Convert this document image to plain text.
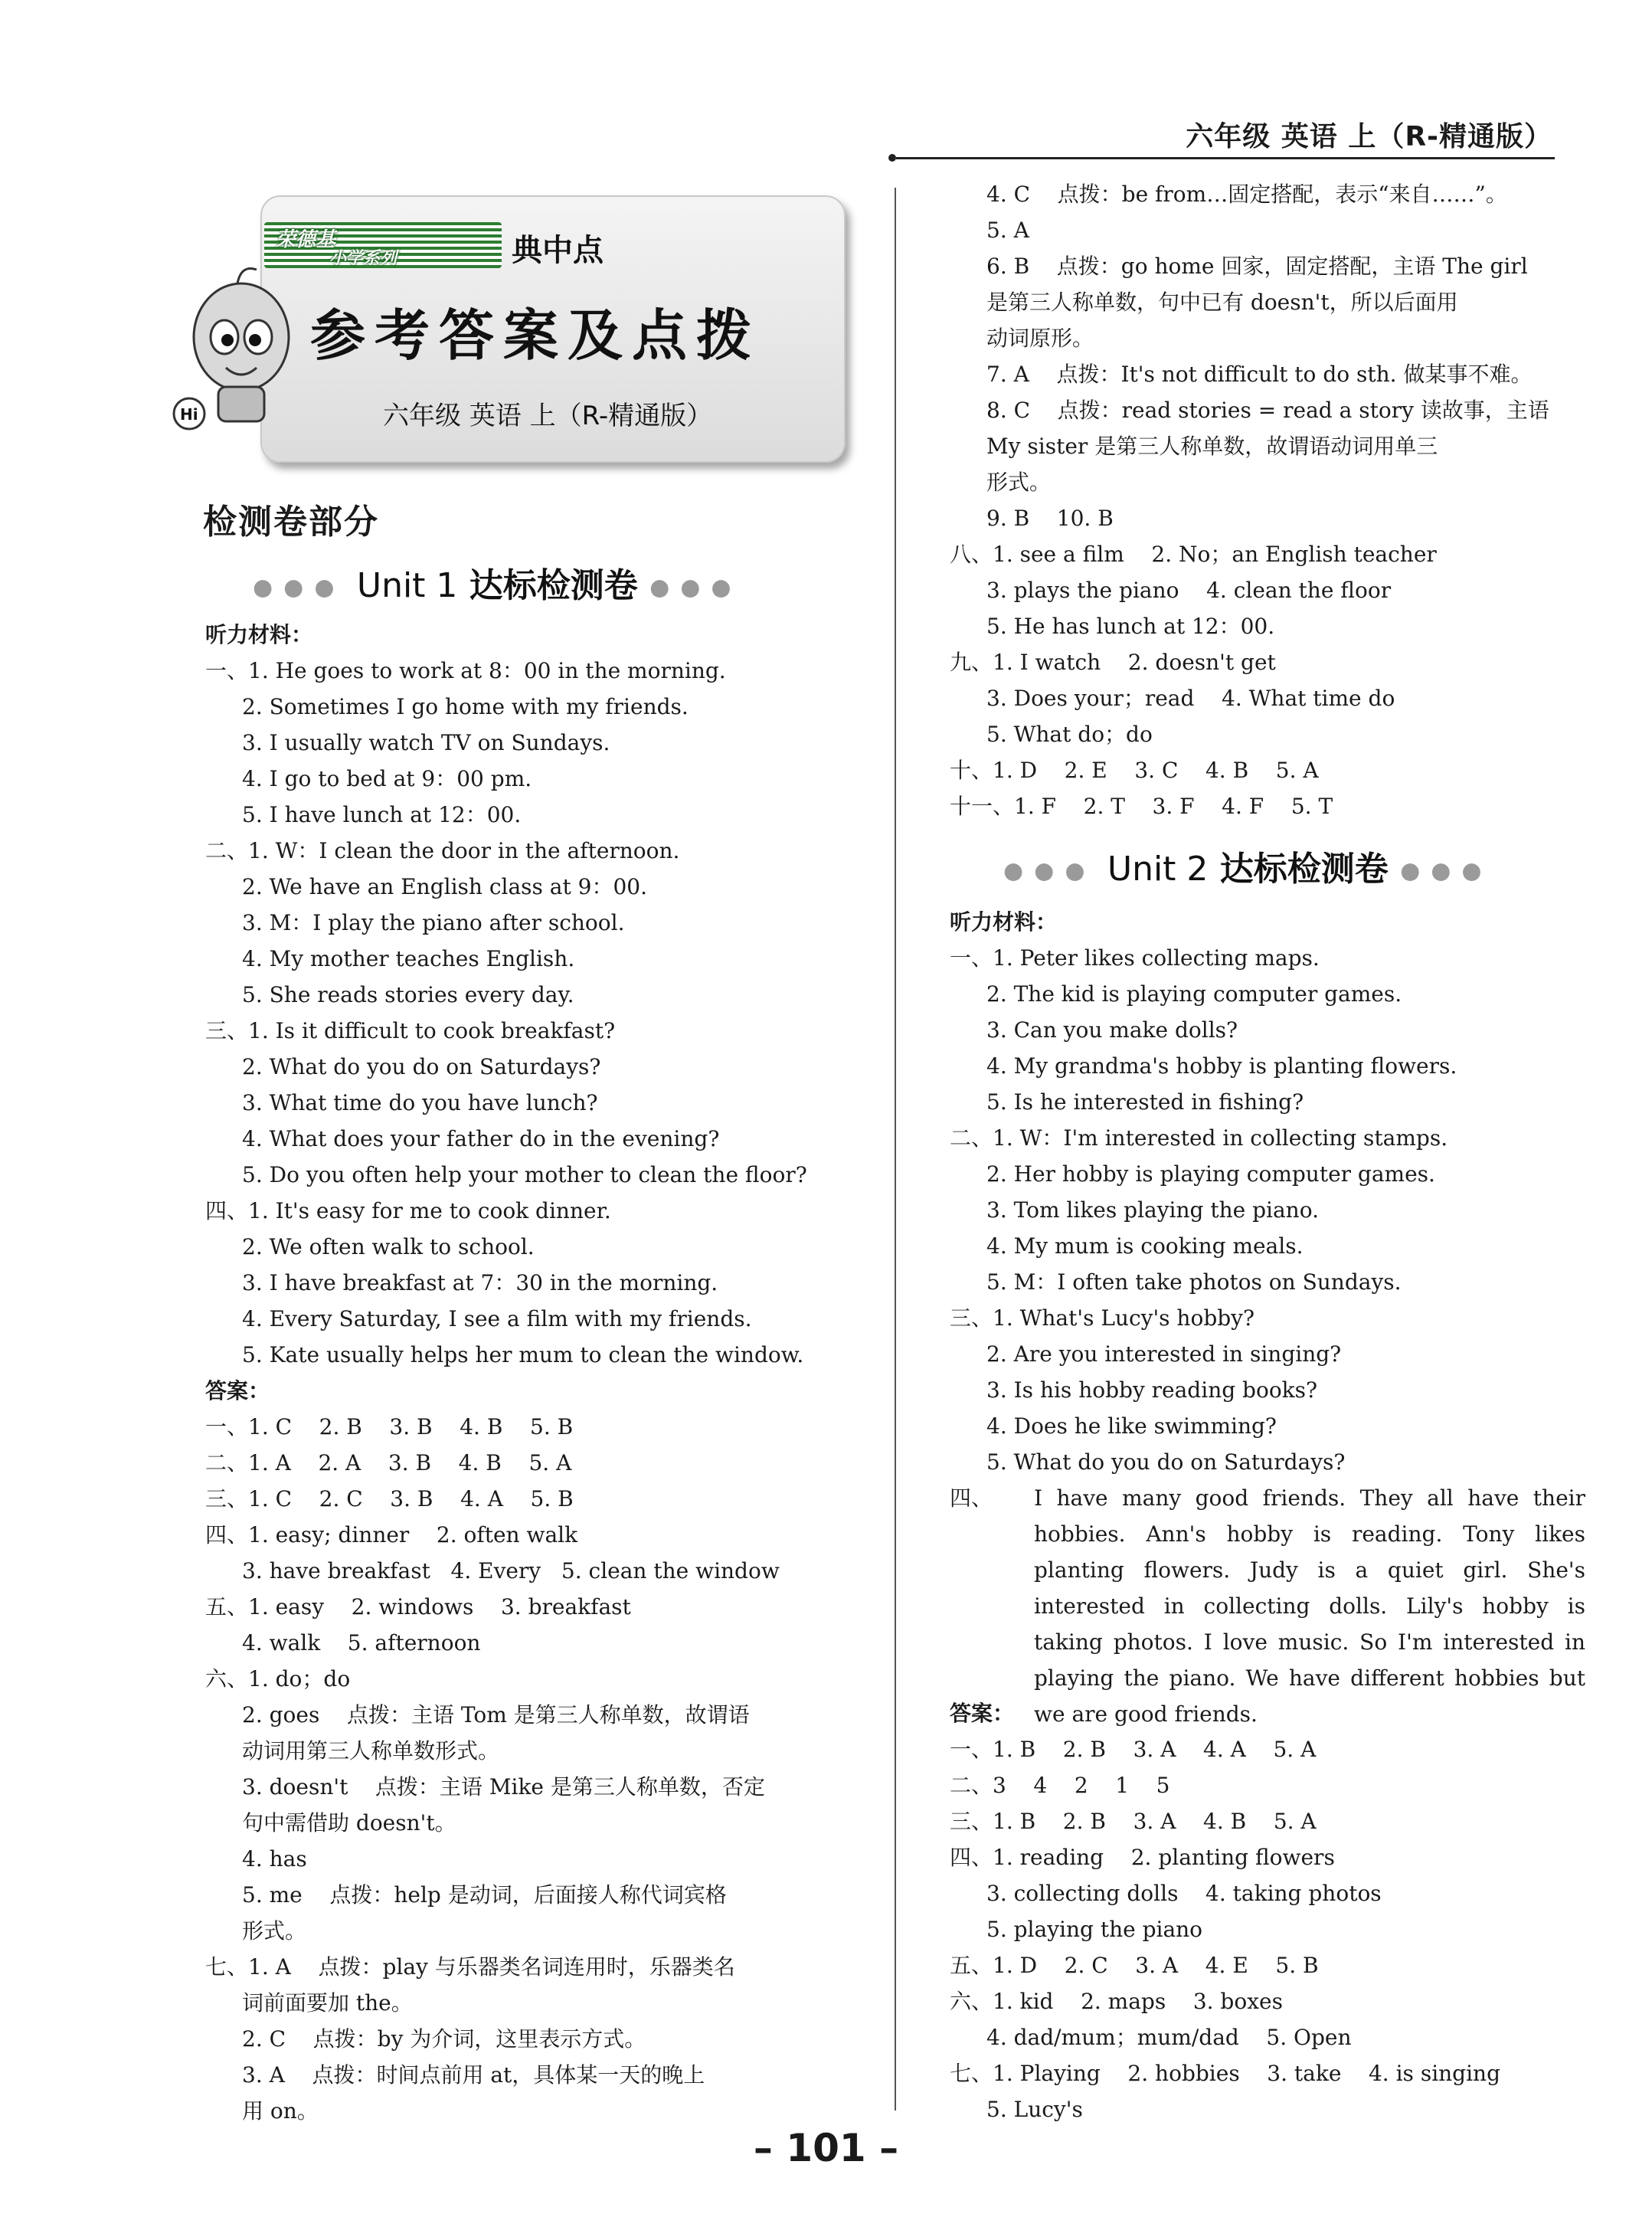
六年级 英语 上（R-精通版）
荣德基
小学系列	典中点
参考答案及点拨
六年级 英语 上（R-精通版）
Hi
检测卷部分
●●● Unit 1 达标检测卷 ●●●
听力材料：
一、1. He goes to work at 8：00 in the morning.
2. Sometimes I go home with my friends.
3. I usually watch TV on Sundays.
4. I go to bed at 9：00 pm.
5. I have lunch at 12：00.
二、1. W：I clean the door in the afternoon.
2. We have an English class at 9：00.
3. M：I play the piano after school.
4. My mother teaches English.
5. She reads stories every day.
三、1. Is it difficult to cook breakfast?
2. What do you do on Saturdays?
3. What time do you have lunch?
4. What does your father do in the evening?
5. Do you often help your mother to clean the floor?
四、1. It's easy for me to cook dinner.
2. We often walk to school.
3. I have breakfast at 7：30 in the morning.
4. Every Saturday, I see a film with my friends.
5. Kate usually helps her mum to clean the window.
答案：
一、1. C    2. B    3. B    4. B    5. B
二、1. A    2. A    3. B    4. B    5. A
三、1. C    2. C    3. B    4. A    5. B
四、1. easy; dinner    2. often walk
3. have breakfast   4. Every   5. clean the window
五、1. easy    2. windows    3. breakfast
4. walk    5. afternoon
六、1. do；do
2. goes    点拨：主语 Tom 是第三人称单数，故谓语
动词用第三人称单数形式。
3. doesn't    点拨：主语 Mike 是第三人称单数，否定
句中需借助 doesn't。
4. has
5. me    点拨：help 是动词，后面接人称代词宾格
形式。
七、1. A    点拨：play 与乐器类名词连用时，乐器类名
词前面要加 the。
2. C    点拨：by 为介词，这里表示方式。
3. A    点拨：时间点前用 at，具体某一天的晚上
用 on。
4. C    点拨：be from…固定搭配，表示“来自……”。
5. A
6. B    点拨：go home 回家，固定搭配，主语 The girl
是第三人称单数，句中已有 doesn't，所以后面用
动词原形。
7. A    点拨：It's not difficult to do sth. 做某事不难。
8. C    点拨：read stories = read a story 读故事，主语
My sister 是第三人称单数，故谓语动词用单三
形式。
9. B    10. B
八、1. see a film    2. No；an English teacher
3. plays the piano    4. clean the floor
5. He has lunch at 12：00.
九、1. I watch    2. doesn't get
3. Does your；read    4. What time do
5. What do；do
十、1. D    2. E    3. C    4. B    5. A
十一、1. F    2. T    3. F    4. F    5. T
●●● Unit 2 达标检测卷 ●●●
听力材料：
一、1. Peter likes collecting maps.
2. The kid is playing computer games.
3. Can you make dolls?
4. My grandma's hobby is planting flowers.
5. Is he interested in fishing?
二、1. W：I'm interested in collecting stamps.
2. Her hobby is playing computer games.
3. Tom likes playing the piano.
4. My mum is cooking meals.
5. M：I often take photos on Sundays.
三、1. What's Lucy's hobby?
2. Are you interested in singing?
3. Is his hobby reading books?
4. Does he like swimming?
5. What do you do on Saturdays?
四、	I have many good friends. They all have their hobbies. Ann's hobby is reading. Tony likes planting flowers. Judy is a quiet girl. She's interested in collecting dolls. Lily's hobby is taking photos. I love music. So I'm interested in playing the piano. We have different hobbies but we are good friends.
答案：
一、1. B    2. B    3. A    4. A    5. A
二、3    4    2    1    5
三、1. B    2. B    3. A    4. B    5. A
四、1. reading    2. planting flowers
3. collecting dolls    4. taking photos
5. playing the piano
五、1. D    2. C    3. A    4. E    5. B
六、1. kid    2. maps    3. boxes
4. dad/mum；mum/dad    5. Open
七、1. Playing    2. hobbies    3. take    4. is singing
5. Lucy's
– 101 –
